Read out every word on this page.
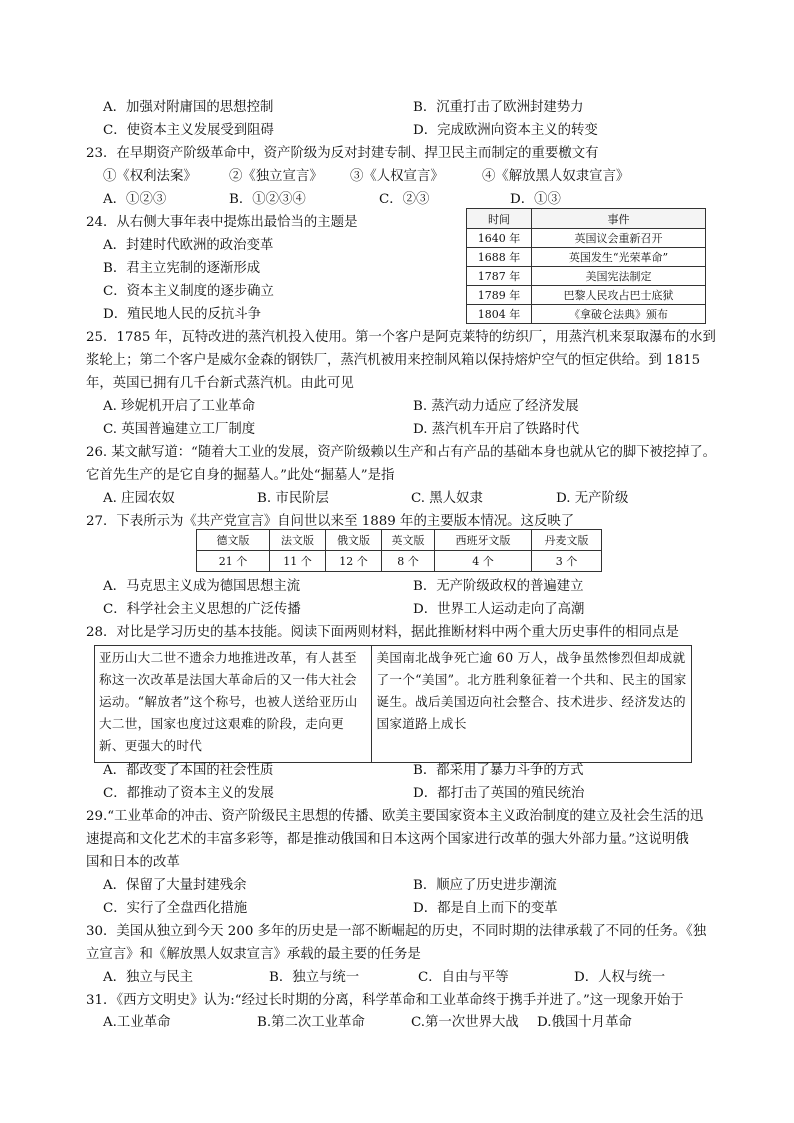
A．加强对附庸国的思想控制	B．沉重打击了欧洲封建势力
C．使资本主义发展受到阻碍	D．完成欧洲向资本主义的转变
23．在早期资产阶级革命中，资产阶级为反对封建专制、捍卫民主而制定的重要檄文有
①《权利法案》 ②《独立宣言》 ③《人权宣言》	④《解放黑人奴隶宣言》
A．①②③	B．①②③④	C．②③	D．①③
24．从右侧大事年表中提炼出最恰当的主题是
A．封建时代欧洲的政治变革
B．君主立宪制的逐渐形成
C．资本主义制度的逐步确立
D．殖民地人民的反抗斗争
时间	事件
1640 年	英国议会重新召开
1688 年	英国发生“光荣革命”
1787 年	美国宪法制定
1789 年	巴黎人民攻占巴士底狱
1804 年	《拿破仑法典》颁布
25．1785 年，瓦特改进的蒸汽机投入使用。第一个客户是阿克莱特的纺织厂，用蒸汽机来泵取瀑布的水到
浆轮上；第二个客户是威尔金森的钢铁厂，蒸汽机被用来控制风箱以保持熔炉空气的恒定供给。到 1815
年，英国已拥有几千台新式蒸汽机。由此可见
A. 珍妮机开启了工业革命	B. 蒸汽动力适应了经济发展
C. 英国普遍建立工厂制度	D. 蒸汽机车开启了铁路时代
26. 某文献写道：“随着大工业的发展，资产阶级赖以生产和占有产品的基础本身也就从它的脚下被挖掉了。
它首先生产的是它自身的掘墓人。”此处“掘墓人”是指
A. 庄园农奴	B. 市民阶层	C. 黑人奴隶	D. 无产阶级
27．下表所示为《共产党宣言》自问世以来至 1889 年的主要版本情况。这反映了
德文版	法文版	俄文版	英文版	西班牙文版	丹麦文版
21 个	11 个	12 个	8 个	4 个	3 个
A．马克思主义成为德国思想主流	B．无产阶级政权的普遍建立
C．科学社会主义思想的广泛传播	D．世界工人运动走向了高潮
28．对比是学习历史的基本技能。阅读下面两则材料，据此推断材料中两个重大历史事件的相同点是
亚历山大二世不遗余力地推进改革，有人甚至称这一次改革是法国大革命后的又一伟大社会运动。“解放者”这个称号，也被人送给亚历山大二世，国家也度过这艰难的阶段，走向更新、更强大的时代	美国南北战争死亡逾 60 万人，战争虽然惨烈但却成就了一个“美国”。北方胜利象征着一个共和、民主的国家诞生。战后美国迈向社会整合、技术进步、经济发达的国家道路上成长
A．都改变了本国的社会性质	B．都采用了暴力斗争的方式
C．都推动了资本主义的发展	D．都打击了英国的殖民统治
29.“工业革命的冲击、资产阶级民主思想的传播、欧美主要国家资本主义政治制度的建立及社会生活的迅
速提高和文化艺术的丰富多彩等，都是推动俄国和日本这两个国家进行改革的强大外部力量。”这说明俄
国和日本的改革
A．保留了大量封建残余	B．顺应了历史进步潮流
C．实行了全盘西化措施	D．都是自上而下的变革
30．美国从独立到今天 200 多年的历史是一部不断崛起的历史，不同时期的法律承载了不同的任务。《独
立宣言》和《解放黑人奴隶宣言》承载的最主要的任务是
A．独立与民主	B．独立与统一	C．自由与平等	D．人权与统一
31．《西方文明史》认为:“经过长时期的分离，科学革命和工业革命终于携手并进了。”这一现象开始于
A.工业革命	B.第二次工业革命	C.第一次世界大战 D.俄国十月革命
